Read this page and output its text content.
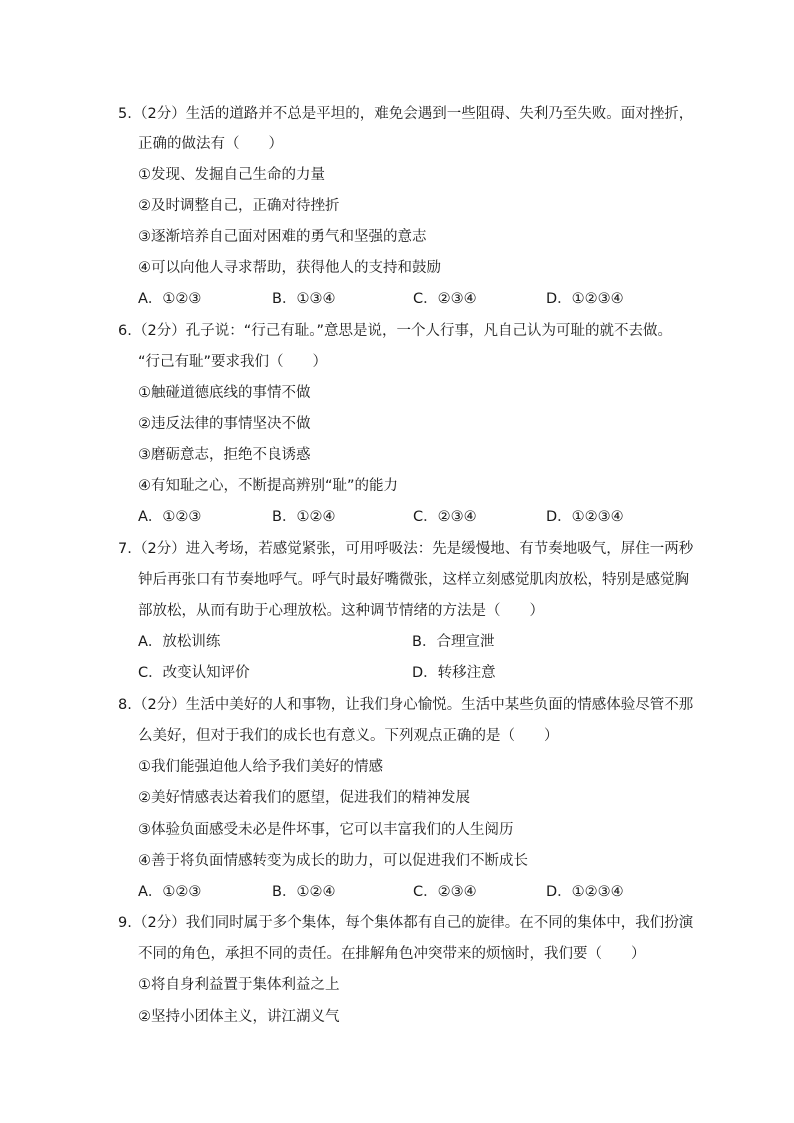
5. （2分）生活的道路并不总是平坦的，难免会遇到一些阻碍、失利乃至失败。面对挫折，
正确的做法有（　　）
①发现、发掘自己生命的力量
②及时调整自己，正确对待挫折
③逐渐培养自己面对困难的勇气和坚强的意志
④可以向他人寻求帮助，获得他人的支持和鼓励
A．①②③	B．①③④	C．②③④	D．①②③④
6. （2分）孔子说：“行己有耻。”意思是说，一个人行事，凡自己认为可耻的就不去做。
“行己有耻”要求我们（　　）
①触碰道德底线的事情不做
②违反法律的事情坚决不做
③磨砺意志，拒绝不良诱惑
④有知耻之心，不断提高辨别“耻”的能力
A．①②③	B．①②④	C．②③④	D．①②③④
7. （2分）进入考场，若感觉紧张，可用呼吸法：先是缓慢地、有节奏地吸气，屏住一两秒
钟后再张口有节奏地呼气。呼气时最好嘴微张，这样立刻感觉肌肉放松，特别是感觉胸
部放松，从而有助于心理放松。这种调节情绪的方法是（　　）
A．放松训练	B．合理宣泄
C．改变认知评价	D．转移注意
8. （2分）生活中美好的人和事物，让我们身心愉悦。生活中某些负面的情感体验尽管不那
么美好，但对于我们的成长也有意义。下列观点正确的是（　　）
①我们能强迫他人给予我们美好的情感
②美好情感表达着我们的愿望，促进我们的精神发展
③体验负面感受未必是件坏事，它可以丰富我们的人生阅历
④善于将负面情感转变为成长的助力，可以促进我们不断成长
A．①②③	B．①②④	C．②③④	D．①②③④
9. （2分）我们同时属于多个集体，每个集体都有自己的旋律。在不同的集体中，我们扮演
不同的角色，承担不同的责任。在排解角色冲突带来的烦恼时，我们要（　　）
①将自身利益置于集体利益之上
②坚持小团体主义，讲江湖义气
